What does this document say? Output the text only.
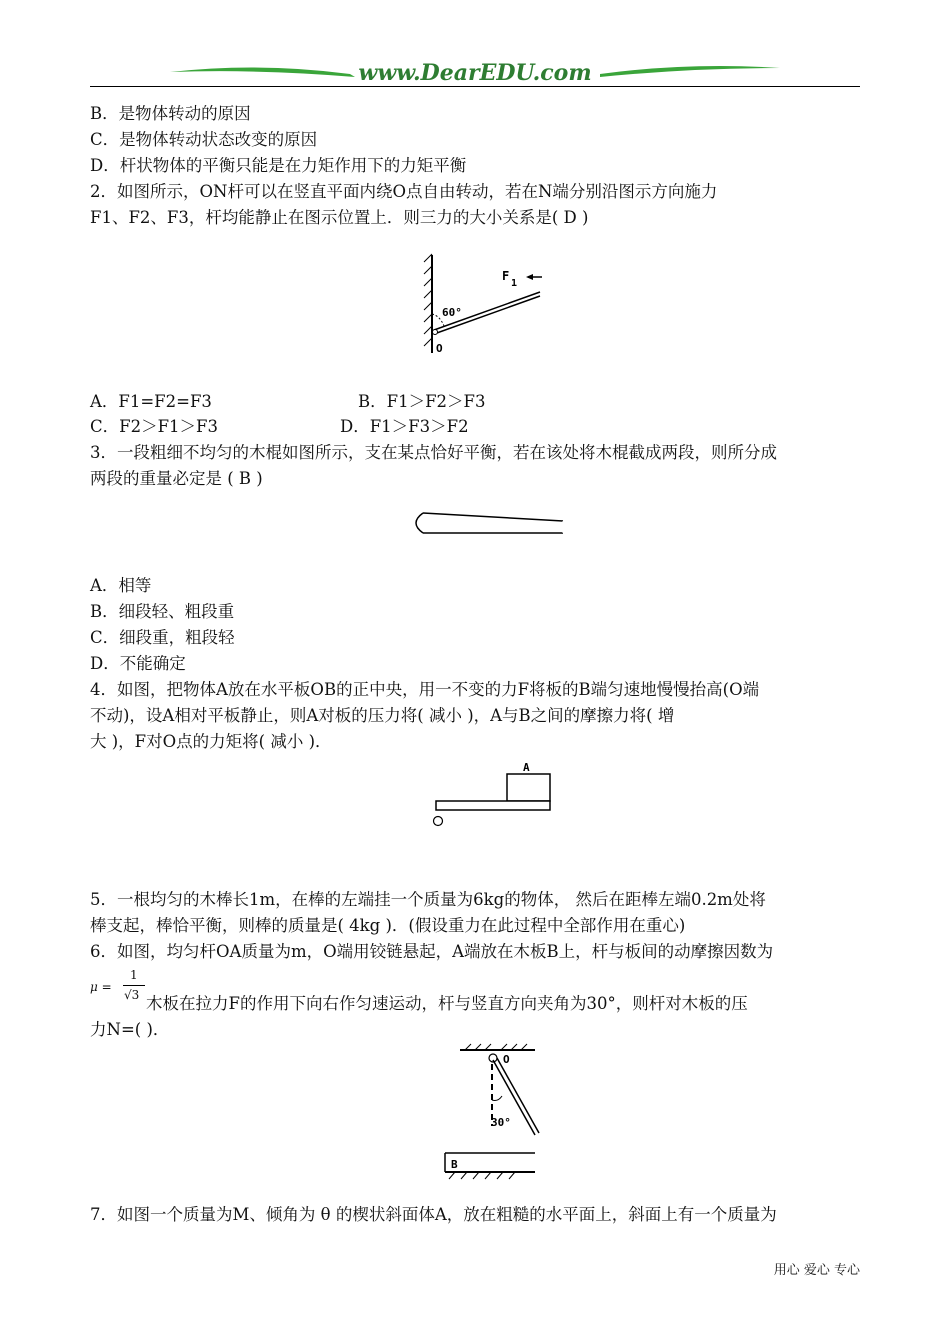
www.DearEDU.com
B．是物体转动的原因
C．是物体转动状态改变的原因
D．杆状物体的平衡只能是在力矩作用下的力矩平衡
2．如图所示，ON杆可以在竖直平面内绕O点自由转动，若在N端分别沿图示方向施力
F1、F2、F3，杆均能静止在图示位置上．则三力的大小关系是( D )
F
1
60°
O
A．F1=F2=F3	B．F1＞F2＞F3
C．F2＞F1＞F3	D．F1＞F3＞F2
3．一段粗细不均匀的木棍如图所示，支在某点恰好平衡，若在该处将木棍截成两段，则所分成
两段的重量必定是 ( B )
A．相等
B．细段轻、粗段重
C．细段重，粗段轻
D．不能确定
4．如图，把物体A放在水平板OB的正中央，用一不变的力F将板的B端匀速地慢慢抬高(O端
不动)，设A相对平板静止，则A对板的压力将( 减小 )，A与B之间的摩擦力将( 增
大 )，F对O点的力矩将( 减小 )．
A
5．一根均匀的木棒长1m，在棒的左端挂一个质量为6kg的物体， 然后在距棒左端0.2m处将
棒支起，棒恰平衡，则棒的质量是( 4kg )．(假设重力在此过程中全部作用在重心)
6．如图，均匀杆OA质量为m，O端用铰链悬起，A端放在木板B上，杆与板间的动摩擦因数为
μ =
1
√3 木板在拉力F的作用下向右作匀速运动，杆与竖直方向夹角为30°，则杆对木板的压
力N=( )．
O
30°
B
7．如图一个质量为M、倾角为 θ 的楔状斜面体A，放在粗糙的水平面上，斜面上有一个质量为
用心 爱心 专心
